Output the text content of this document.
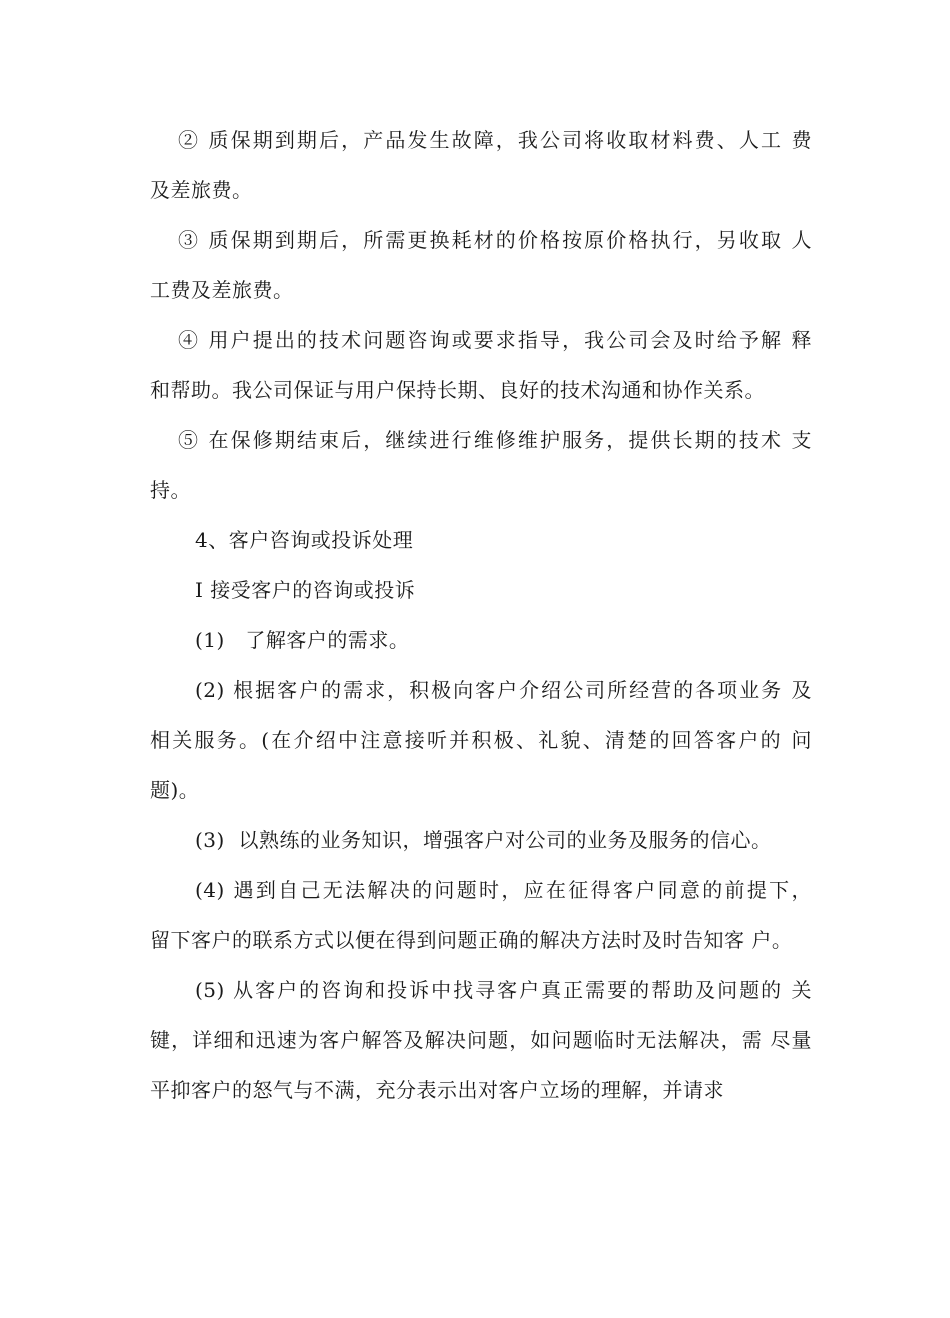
② 质保期到期后，产品发生故障，我公司将收取材料费、人工 费
及差旅费。
③ 质保期到期后，所需更换耗材的价格按原价格执行，另收取 人
工费及差旅费。
④ 用户提出的技术问题咨询或要求指导，我公司会及时给予解 释
和帮助。我公司保证与用户保持长期、良好的技术沟通和协作关系。
⑤ 在保修期结束后，继续进行维修维护服务，提供长期的技术 支
持。
4、客户咨询或投诉处理
I 接受客户的咨询或投诉
(1)   了解客户的需求。
(2) 根据客户的需求，积极向客户介绍公司所经营的各项业务 及
相关服务。(在介绍中注意接听并积极、礼貌、清楚的回答客户的 问
题)。
(3)  以熟练的业务知识，增强客户对公司的业务及服务的信心。
(4) 遇到自己无法解决的问题时，应在征得客户同意的前提下，
留下客户的联系方式以便在得到问题正确的解决方法时及时告知客 户。
(5) 从客户的咨询和投诉中找寻客户真正需要的帮助及问题的 关
键，详细和迅速为客户解答及解决问题，如问题临时无法解决，需 尽量
平抑客户的怒气与不满，充分表示出对客户立场的理解，并请求
